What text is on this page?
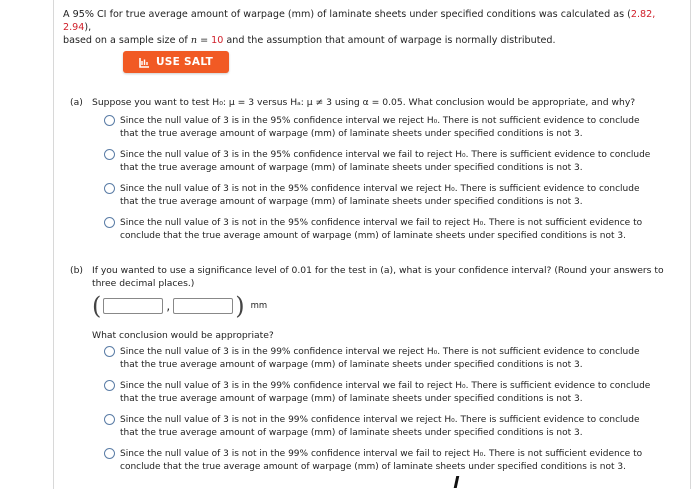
A 95% CI for true average amount of warpage (mm) of laminate sheets under specified conditions was calculated as (2.82, 2.94),
based on a sample size of n = 10 and the assumption that amount of warpage is normally distributed.
USE SALT
(a) Suppose you want to test H₀: μ = 3 versus Hₐ: μ ≠ 3 using α = 0.05. What conclusion would be appropriate, and why?
Since the null value of 3 is in the 95% confidence interval we reject H₀. There is not sufficient evidence to conclude
that the true average amount of warpage (mm) of laminate sheets under specified conditions is not 3.
Since the null value of 3 is in the 95% confidence interval we fail to reject H₀. There is sufficient evidence to conclude
that the true average amount of warpage (mm) of laminate sheets under specified conditions is not 3.
Since the null value of 3 is not in the 95% confidence interval we reject H₀. There is sufficient evidence to conclude
that the true average amount of warpage (mm) of laminate sheets under specified conditions is not 3.
Since the null value of 3 is not in the 95% confidence interval we fail to reject H₀. There is not sufficient evidence to
conclude that the true average amount of warpage (mm) of laminate sheets under specified conditions is not 3.
(b) If you wanted to use a significance level of 0.01 for the test in (a), what is your confidence interval? (Round your answers to
three decimal places.)
(	,	) mm
What conclusion would be appropriate?
Since the null value of 3 is in the 99% confidence interval we reject H₀. There is not sufficient evidence to conclude
that the true average amount of warpage (mm) of laminate sheets under specified conditions is not 3.
Since the null value of 3 is in the 99% confidence interval we fail to reject H₀. There is sufficient evidence to conclude
that the true average amount of warpage (mm) of laminate sheets under specified conditions is not 3.
Since the null value of 3 is not in the 99% confidence interval we reject H₀. There is sufficient evidence to conclude
that the true average amount of warpage (mm) of laminate sheets under specified conditions is not 3.
Since the null value of 3 is not in the 99% confidence interval we fail to reject H₀. There is not sufficient evidence to
conclude that the true average amount of warpage (mm) of laminate sheets under specified conditions is not 3.
